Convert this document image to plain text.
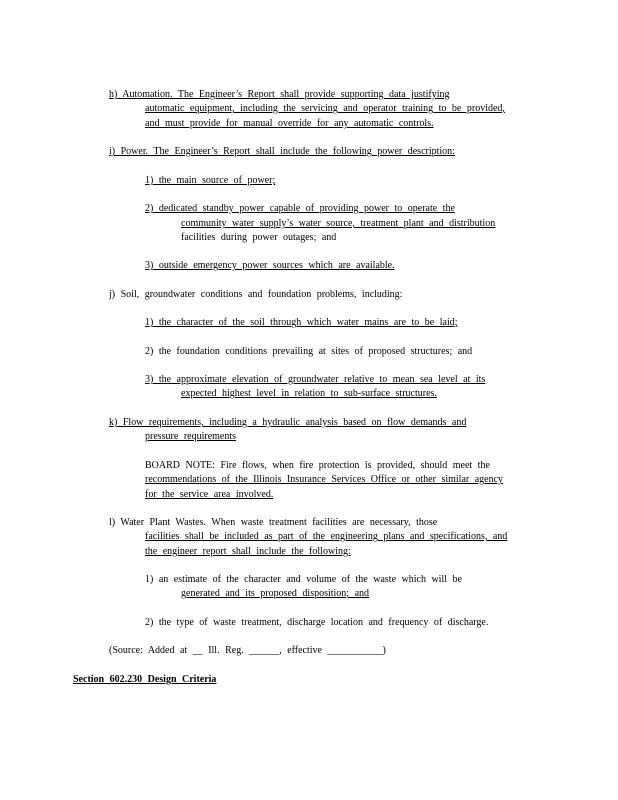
h) Automation. The Engineer’s Report shall provide supporting data justifying
automatic equipment, including the servicing and operator training to be provided,
and must provide for manual override for any automatic controls.
i) Power. The Engineer’s Report shall include the following power description:
1) the main source of power;
2) dedicated standby power capable of providing power to operate the
community water supply’s water source, treatment plant and distribution
facilities during power outages; and
3) outside emergency power sources which are available.
j) Soil, groundwater conditions and foundation problems, including:
1) the character of the soil through which water mains are to be laid;
2) the foundation conditions prevailing at sites of proposed structures; and
3) the approximate elevation of groundwater relative to mean sea level at its
expected highest level in relation to sub-surface structures.
k) Flow requirements, including a hydraulic analysis based on flow demands and
pressure requirements
BOARD NOTE: Fire flows, when fire protection is provided, should meet the
recommendations of the Illinois Insurance Services Office or other similar agency
for the service area involved.
l) Water Plant Wastes. When waste treatment facilities are necessary, those
facilities shall be included as part of the engineering plans and specifications, and
the engineer report shall include the following:
1) an estimate of the character and volume of the waste which will be
generated and its proposed disposition; and
2) the type of waste treatment, discharge location and frequency of discharge.
(Source: Added at __ Ill. Reg. ______, effective ___________)
Section 602.230 Design Criteria
